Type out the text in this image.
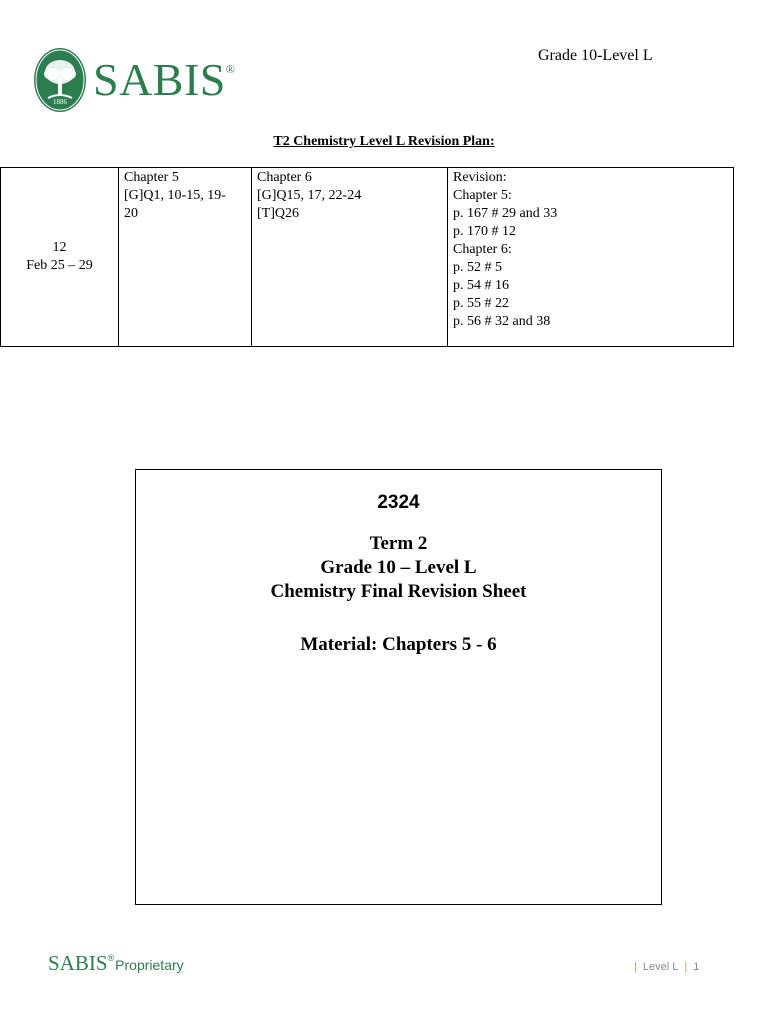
1886 SABIS®
Grade 10-Level L
T2 Chemistry Level L Revision Plan:
12
Feb 25 – 29

Chapter 5
[G]Q1, 10-15, 19-
20

Chapter 6
[G]Q15, 17, 22-24
[T]Q26

Revision:
Chapter 5:
p. 167 # 29 and 33
p. 170 # 12
Chapter 6:
p. 52 # 5
p. 54 # 16
p. 55 # 22
p. 56 # 32 and 38
2324
Term 2
Grade 10 – Level L
Chemistry Final Revision Sheet
Material: Chapters 5 - 6
SABIS ® Proprietary	| Level L | 1
